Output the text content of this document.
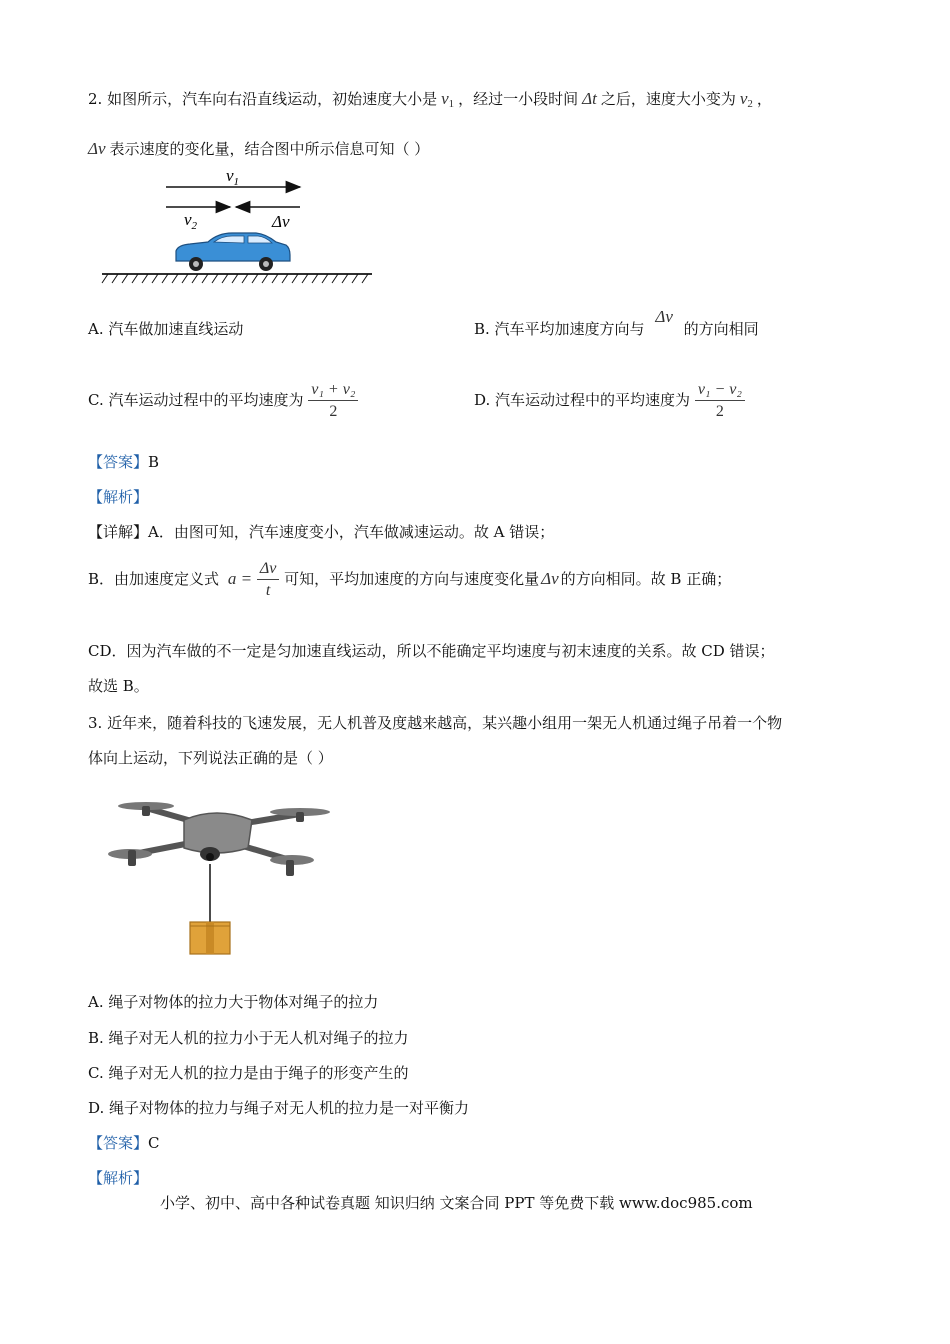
2. 如图所示，汽车向右沿直线运动，初始速度大小是 $v_1$ ，经过一小段时间 Δt 之后，速度大小变为 $v_2$ ，
Δv 表示速度的变化量，结合图中所示信息可知（ ）
$v_1$
$v_2$	Δv
A. 汽车做加速直线运动	B. 汽车平均加速度方向与 Δv 的方向相同
C. 汽车运动过程中的平均速度为 $\frac{\text{v₁ + v₂}}{2}$	D. 汽车运动过程中的平均速度为 $\frac{\text{v₁ − v₂}}{2}$
【答案】B
【解析】
【详解】A．由图可知，汽车速度变小，汽车做减速运动。故 A 错误；
B．由加速度定义式 $a = \frac{\Delta v}{t}$ 可知，平均加速度的方向与速度变化量 Δv 的方向相同。故 B 正确；
CD．因为汽车做的不一定是匀加速直线运动，所以不能确定平均速度与初末速度的关系。故 CD 错误；
故选 B。
3. 近年来，随着科技的飞速发展，无人机普及度越来越高，某兴趣小组用一架无人机通过绳子吊着一个物
体向上运动，下列说法正确的是（ ）
A. 绳子对物体的拉力大于物体对绳子的拉力
B. 绳子对无人机的拉力小于无人机对绳子的拉力
C. 绳子对无人机的拉力是由于绳子的形变产生的
D. 绳子对物体的拉力与绳子对无人机的拉力是一对平衡力
【答案】C
【解析】
小学、初中、高中各种试卷真题 知识归纳 文案合同 PPT 等免费下载 www.doc985.com
